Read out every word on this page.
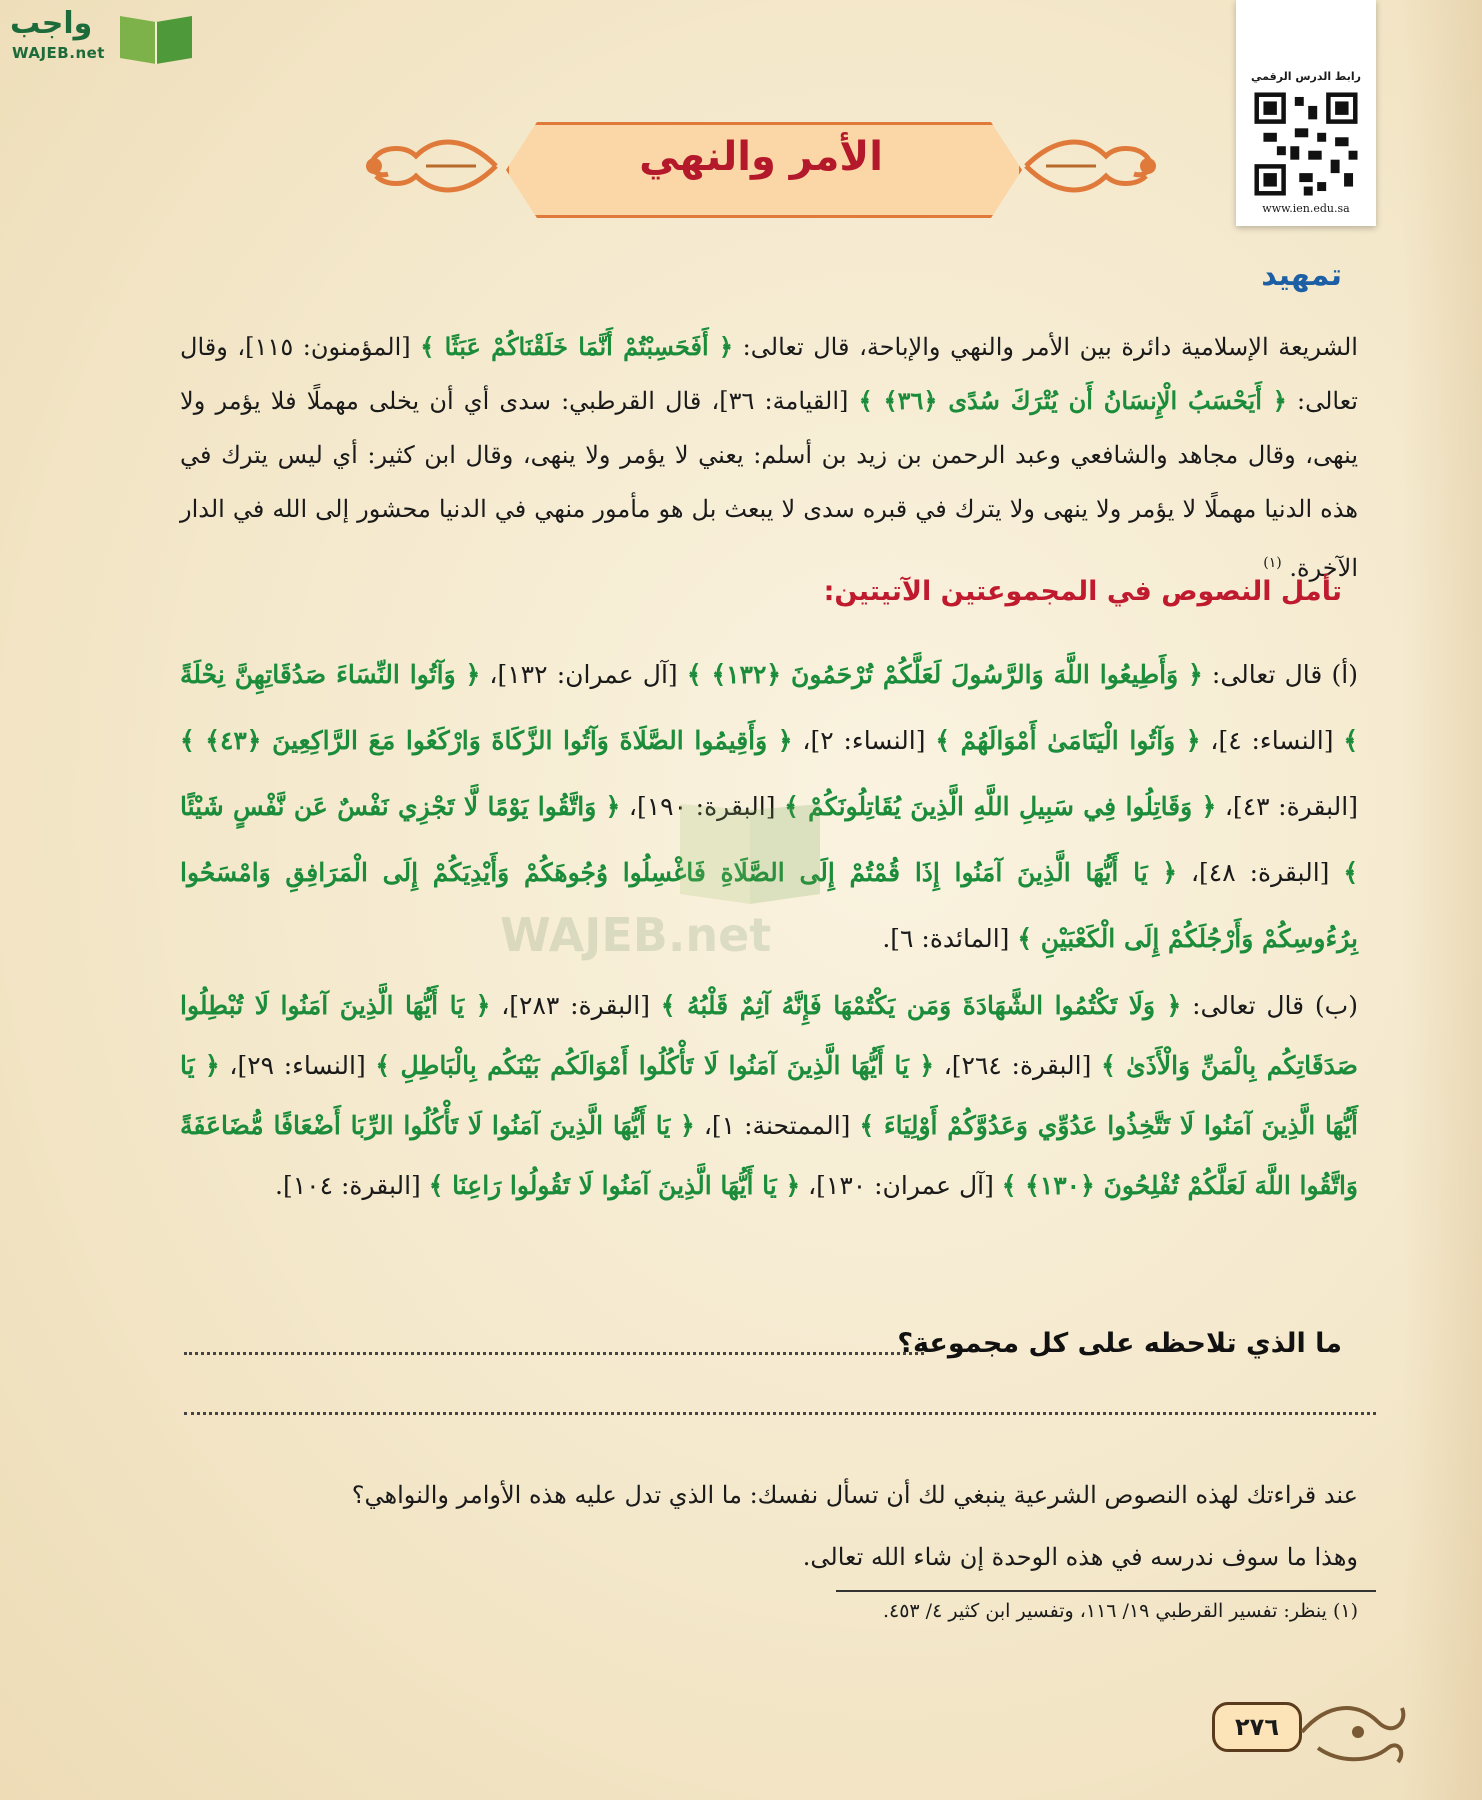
واجب
WAJEB.net
رابط الدرس الرقمي
www.ien.edu.sa
الأمر والنهي
تمهيد

الشريعة الإسلامية دائرة بين الأمر والنهي والإباحة، قال تعالى: ﴿ أَفَحَسِبْتُمْ أَنَّمَا خَلَقْنَاكُمْ عَبَثًا ﴾ [المؤمنون: ١١٥]، وقال تعالى: ﴿ أَيَحْسَبُ الْإِنسَانُ أَن يُتْرَكَ سُدًى ﴿٣٦﴾ ﴾ [القيامة: ٣٦]، قال القرطبي: سدى أي أن يخلى مهملًا فلا يؤمر ولا ينهى، وقال مجاهد والشافعي وعبد الرحمن بن زيد بن أسلم: يعني لا يؤمر ولا ينهى، وقال ابن كثير: أي ليس يترك في هذه الدنيا مهملًا لا يؤمر ولا ينهى ولا يترك في قبره سدى لا يبعث بل هو مأمور منهي في الدنيا محشور إلى الله في الدار الآخرة. $^{(١)}$

تأمل النصوص في المجموعتين الآتيتين:

(أ) قال تعالى: ﴿ وَأَطِيعُوا اللَّهَ وَالرَّسُولَ لَعَلَّكُمْ تُرْحَمُونَ ﴿١٣٢﴾ ﴾ [آل عمران: ١٣٢]، ﴿ وَآتُوا النِّسَاءَ صَدُقَاتِهِنَّ نِحْلَةً ﴾ [النساء: ٤]، ﴿ وَآتُوا الْيَتَامَىٰ أَمْوَالَهُمْ ﴾ [النساء: ٢]، ﴿ وَأَقِيمُوا الصَّلَاةَ وَآتُوا الزَّكَاةَ وَارْكَعُوا مَعَ الرَّاكِعِينَ ﴿٤٣﴾ ﴾ [البقرة: ٤٣]، ﴿ وَقَاتِلُوا فِي سَبِيلِ اللَّهِ الَّذِينَ يُقَاتِلُونَكُمْ ﴾ [البقرة: ١٩٠]، ﴿ وَاتَّقُوا يَوْمًا لَّا تَجْزِي نَفْسٌ عَن نَّفْسٍ شَيْئًا ﴾ [البقرة: ٤٨]، ﴿ يَا أَيُّهَا الَّذِينَ آمَنُوا إِذَا قُمْتُمْ إِلَى الصَّلَاةِ فَاغْسِلُوا وُجُوهَكُمْ وَأَيْدِيَكُمْ إِلَى الْمَرَافِقِ وَامْسَحُوا بِرُءُوسِكُمْ وَأَرْجُلَكُمْ إِلَى الْكَعْبَيْنِ ﴾ [المائدة: ٦].

WAJEB.net

(ب) قال تعالى: ﴿ وَلَا تَكْتُمُوا الشَّهَادَةَ وَمَن يَكْتُمْهَا فَإِنَّهُ آثِمٌ قَلْبُهُ ﴾ [البقرة: ٢٨٣]، ﴿ يَا أَيُّهَا الَّذِينَ آمَنُوا لَا تُبْطِلُوا صَدَقَاتِكُم بِالْمَنِّ وَالْأَذَىٰ ﴾ [البقرة: ٢٦٤]، ﴿ يَا أَيُّهَا الَّذِينَ آمَنُوا لَا تَأْكُلُوا أَمْوَالَكُم بَيْنَكُم بِالْبَاطِلِ ﴾ [النساء: ٢٩]، ﴿ يَا أَيُّهَا الَّذِينَ آمَنُوا لَا تَتَّخِذُوا عَدُوِّي وَعَدُوَّكُمْ أَوْلِيَاءَ ﴾ [الممتحنة: ١]، ﴿ يَا أَيُّهَا الَّذِينَ آمَنُوا لَا تَأْكُلُوا الرِّبَا أَضْعَافًا مُّضَاعَفَةً وَاتَّقُوا اللَّهَ لَعَلَّكُمْ تُفْلِحُونَ ﴿١٣٠﴾ ﴾ [آل عمران: ١٣٠]، ﴿ يَا أَيُّهَا الَّذِينَ آمَنُوا لَا تَقُولُوا رَاعِنَا ﴾ [البقرة: ١٠٤].

ما الذي تلاحظه على كل مجموعة؟

عند قراءتك لهذه النصوص الشرعية ينبغي لك أن تسأل نفسك: ما الذي تدل عليه هذه الأوامر والنواهي؟
وهذا ما سوف ندرسه في هذه الوحدة إن شاء الله تعالى.

(١) ينظر: تفسير القرطبي ١٩/ ١١٦، وتفسير ابن كثير ٤/ ٤٥٣.
٢٧٦
